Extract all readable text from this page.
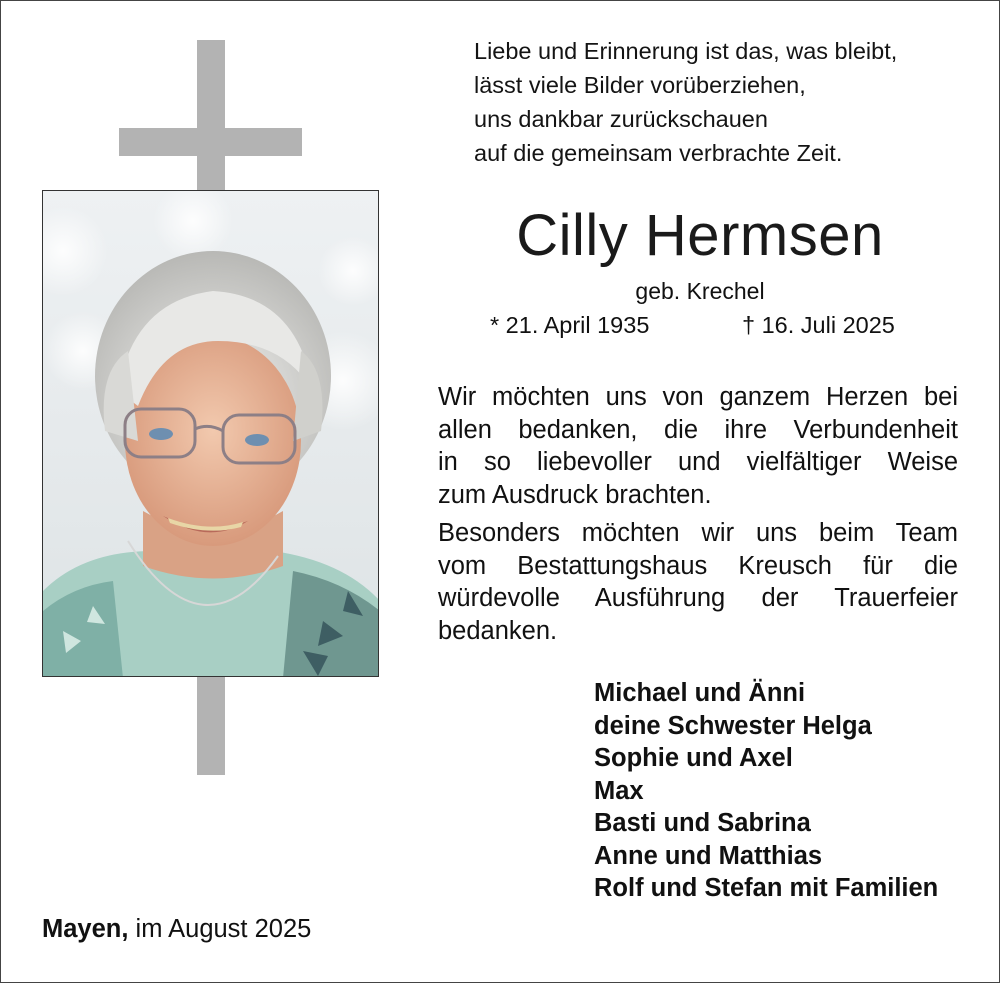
Liebe und Erinnerung ist das, was bleibt,
lässt viele Bilder vorüberziehen,
uns dankbar zurückschauen
auf die gemeinsam verbrachte Zeit.
Cilly Hermsen
geb. Krechel
* 21. April 1935	† 16. Juli 2025
Wir möchten uns von ganzem Herzen bei
allen bedanken, die ihre Verbundenheit
in so liebevoller und vielfältiger Weise
zum Ausdruck brachten.
Besonders möchten wir uns beim Team
vom Bestattungshaus Kreusch für die
würdevolle Ausführung der Trauerfeier
bedanken.
Michael und Änni
deine Schwester Helga
Sophie und Axel
Max
Basti und Sabrina
Anne und Matthias
Rolf und Stefan mit Familien
Mayen, im August 2025
